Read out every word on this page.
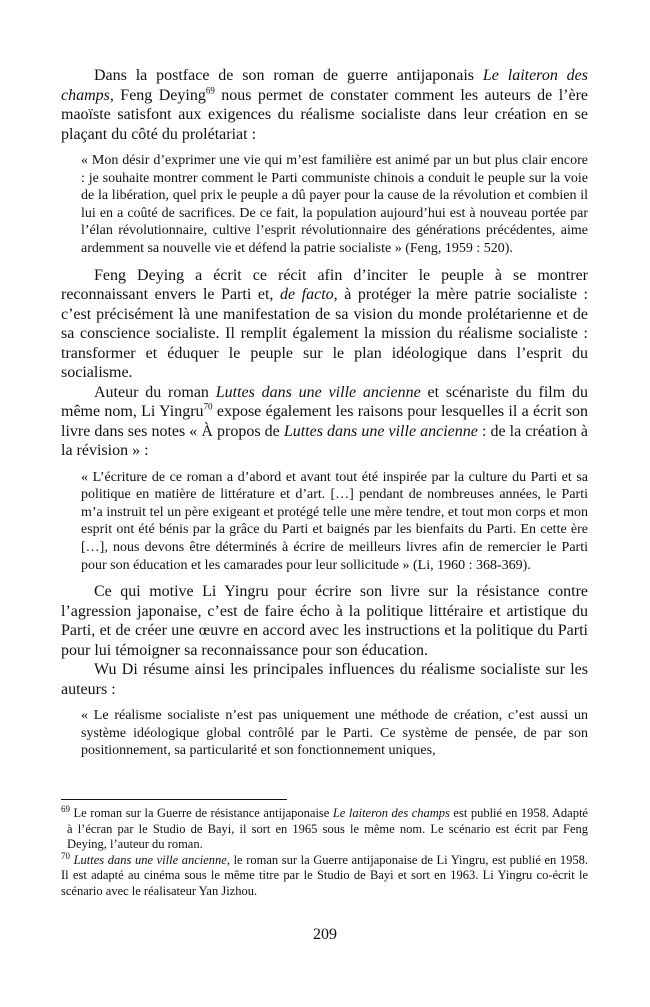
Dans la postface de son roman de guerre antijaponais Le laiteron des champs, Feng Deying$^{69}$ nous permet de constater comment les auteurs de l’ère maoïste satisfont aux exigences du réalisme socialiste dans leur création en se plaçant du côté du prolétariat :

« Mon désir d’exprimer une vie qui m’est familière est animé par un but plus clair encore : je souhaite montrer comment le Parti communiste chinois a conduit le peuple sur la voie de la libération, quel prix le peuple a dû payer pour la cause de la révolution et combien il lui en a coûté de sacrifices. De ce fait, la population aujourd’hui est à nouveau portée par l’élan révolutionnaire, cultive l’esprit révolutionnaire des générations précédentes, aime ardemment sa nouvelle vie et défend la patrie socialiste » (Feng, 1959 : 520).

Feng Deying a écrit ce récit afin d’inciter le peuple à se montrer reconnaissant envers le Parti et, de facto, à protéger la mère patrie socialiste : c’est précisément là une manifestation de sa vision du monde prolétarienne et de sa conscience socialiste. Il remplit également la mission du réalisme socialiste : transformer et éduquer le peuple sur le plan idéologique dans l’esprit du socialisme.

Auteur du roman Luttes dans une ville ancienne et scénariste du film du même nom, Li Yingru$^{70}$ expose également les raisons pour lesquelles il a écrit son livre dans ses notes « À propos de Luttes dans une ville ancienne : de la création à la révision » :

« L’écriture de ce roman a d’abord et avant tout été inspirée par la culture du Parti et sa politique en matière de littérature et d’art. […] pendant de nombreuses années, le Parti m’a instruit tel un père exigeant et protégé telle une mère tendre, et tout mon corps et mon esprit ont été bénis par la grâce du Parti et baignés par les bienfaits du Parti. En cette ère […], nous devons être déterminés à écrire de meilleurs livres afin de remercier le Parti pour son éducation et les camarades pour leur sollicitude » (Li, 1960 : 368-369).

Ce qui motive Li Yingru pour écrire son livre sur la résistance contre l’agression japonaise, c’est de faire écho à la politique littéraire et artistique du Parti, et de créer une œuvre en accord avec les instructions et la politique du Parti pour lui témoigner sa reconnaissance pour son éducation.

Wu Di résume ainsi les principales influences du réalisme socialiste sur les auteurs :

« Le réalisme socialiste n’est pas uniquement une méthode de création, c’est aussi un système idéologique global contrôlé par le Parti. Ce système de pensée, de par son positionnement, sa particularité et son fonctionnement uniques,

$^{69}$ Le roman sur la Guerre de résistance antijaponaise Le laiteron des champs est publié en 1958. Adapté à l’écran par le Studio de Bayi, il sort en 1965 sous le même nom. Le scénario est écrit par Feng Deying, l’auteur du roman.

$^{70}$ Luttes dans une ville ancienne, le roman sur la Guerre antijaponaise de Li Yingru, est publié en 1958. Il est adapté au cinéma sous le même titre par le Studio de Bayi et sort en 1963. Li Yingru co-écrit le scénario avec le réalisateur Yan Jizhou.

209
